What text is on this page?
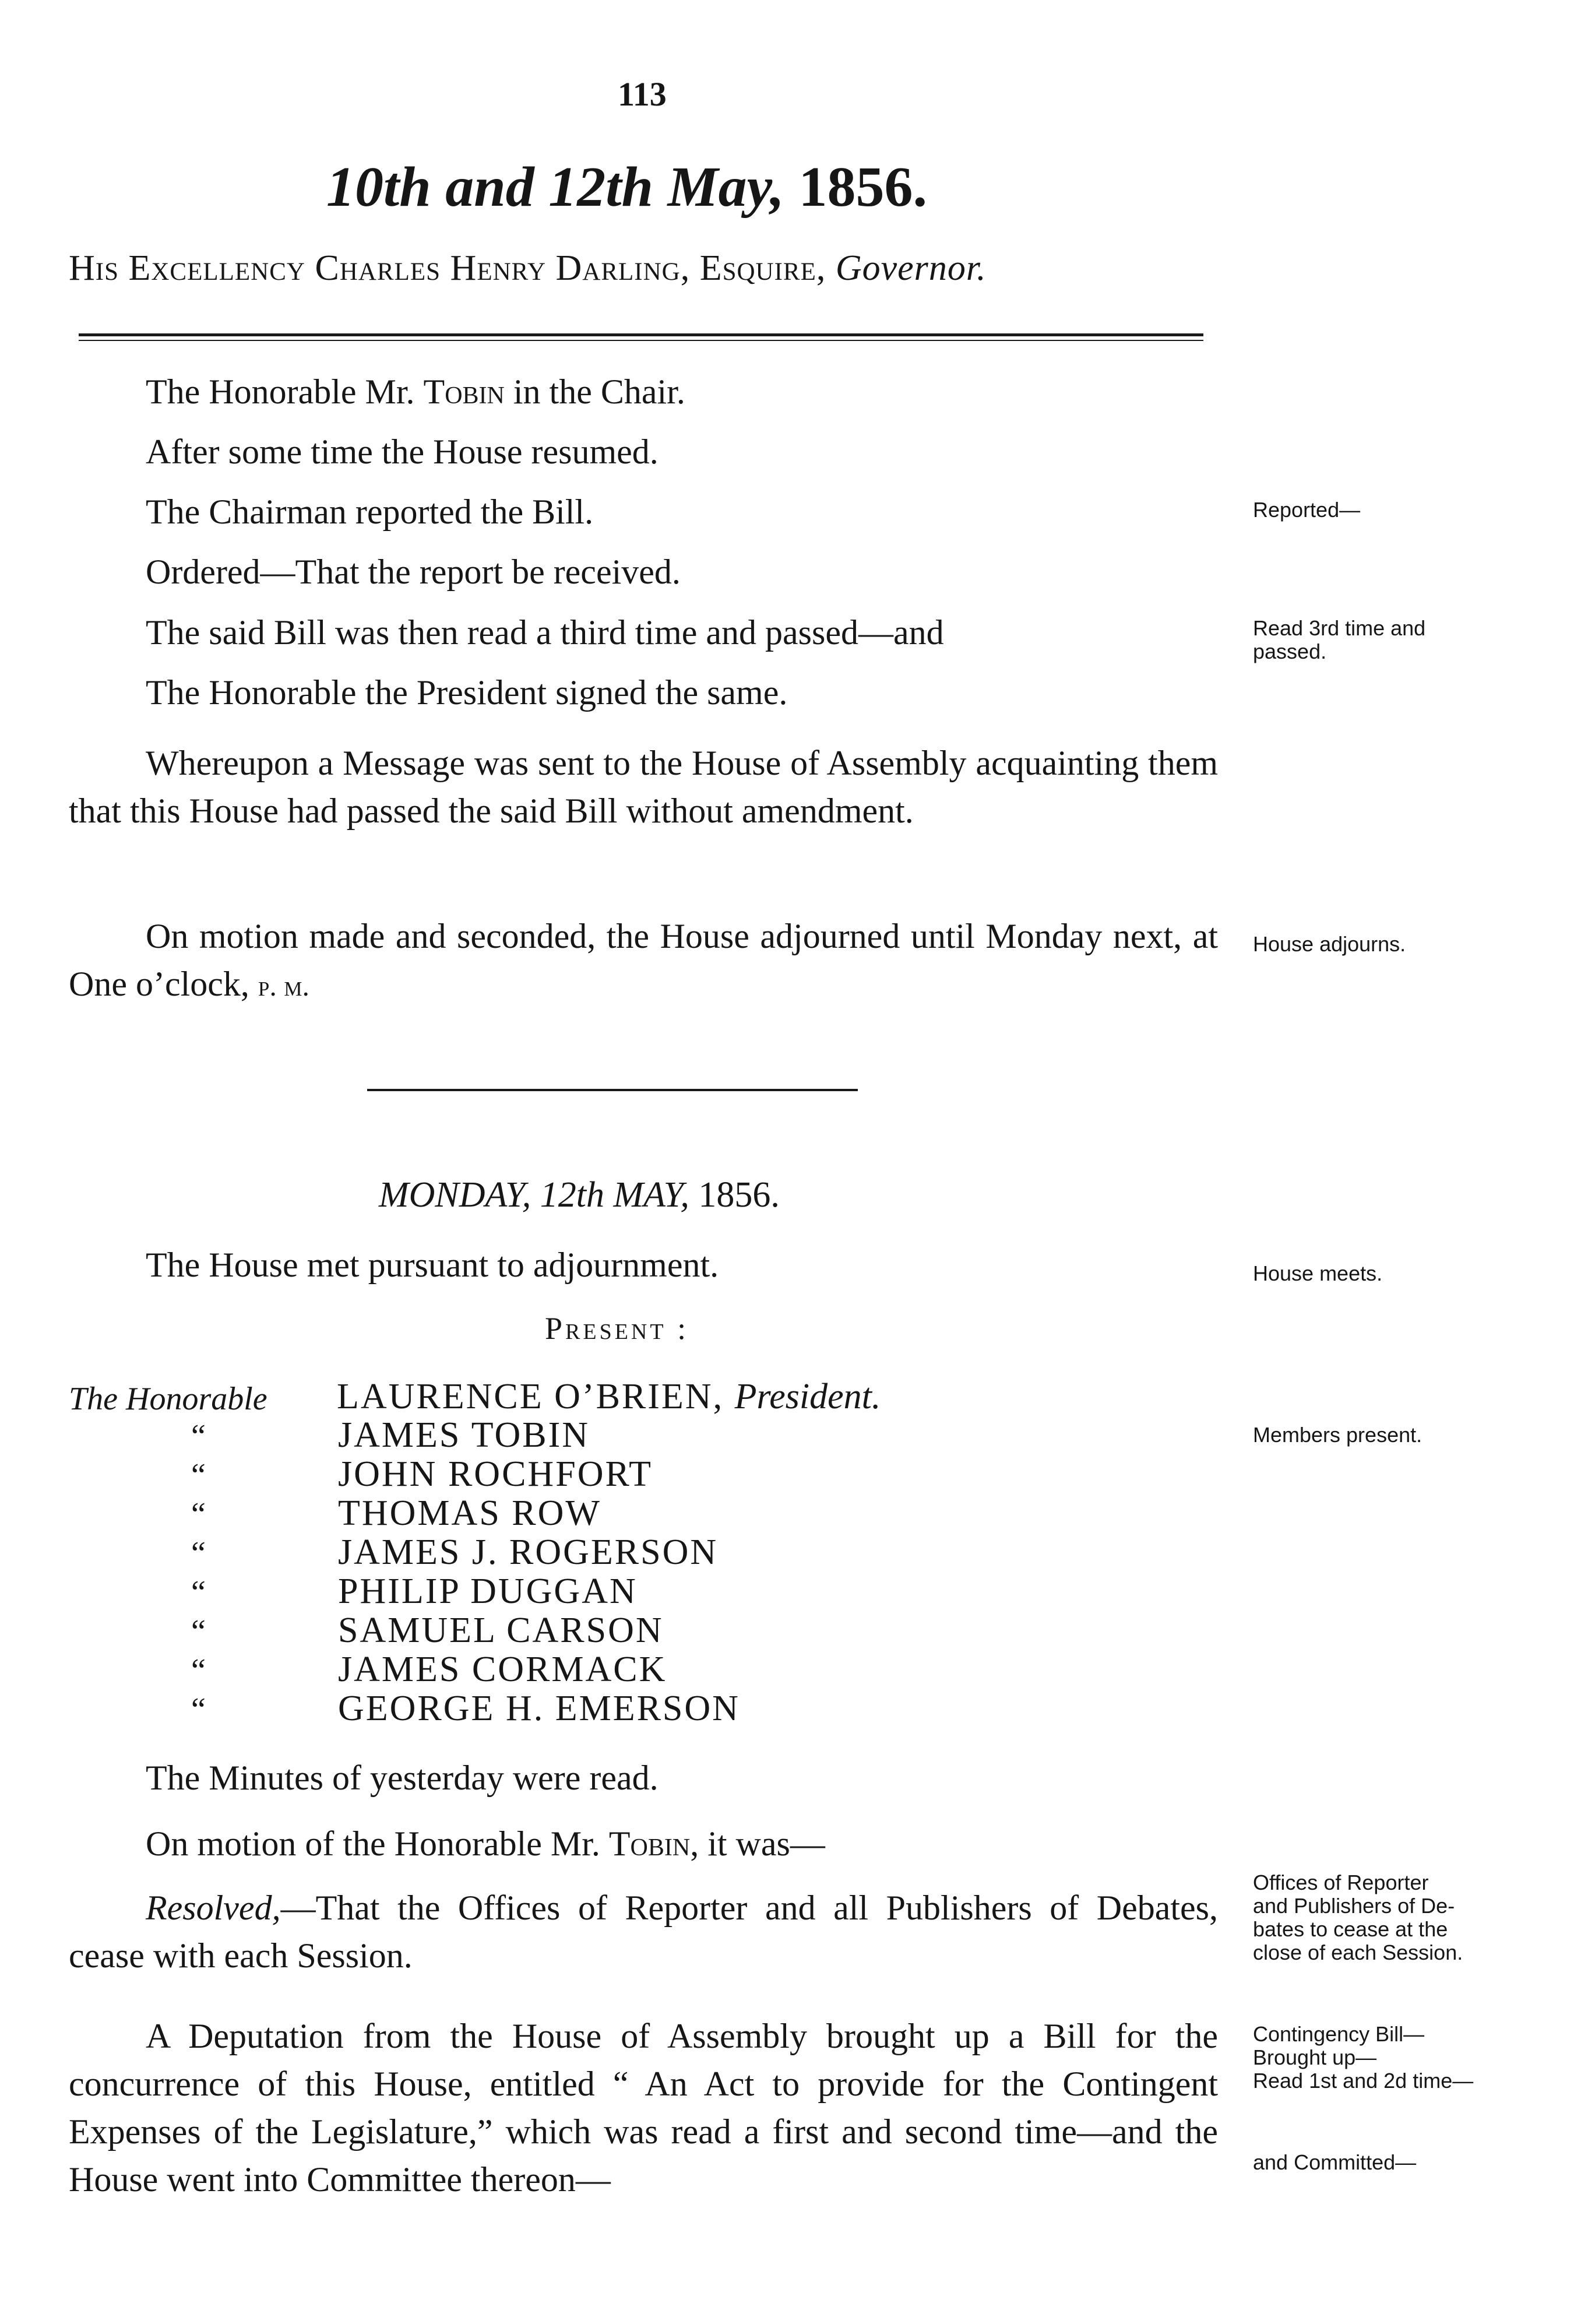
113
10th and 12th May, 1856.
His Excellency Charles Henry Darling, Esquire, Governor.
The Honorable Mr. Tobin in the Chair.
After some time the House resumed.
The Chairman reported the Bill.
Ordered—That the report be received.
The said Bill was then read a third time and passed—and
The Honorable the President signed the same.
Whereupon a Message was sent to the House of Assembly acquainting them that this House had passed the said Bill without amendment.
On motion made and seconded, the House adjourned until Monday next, at One o’clock, p. m.
MONDAY, 12th MAY, 1856.
The House met pursuant to adjournment.
Present :
The Honorable LAURENCE O’BRIEN, President.
“	JAMES TOBIN
“	JOHN ROCHFORT
“	THOMAS ROW
“	JAMES J. ROGERSON
“	PHILIP DUGGAN
“	SAMUEL CARSON
“	JAMES CORMACK
“	GEORGE H. EMERSON
The Minutes of yesterday were read.
On motion of the Honorable Mr. Tobin, it was—
Resolved,—That the Offices of Reporter and all Publishers of Debates, cease with each Session.
A Deputation from the House of Assembly brought up a Bill for the concurrence of this House, entitled “ An Act to provide for the Contingent Expenses of the Legislature,” which was read a first and second time—and the House went into Committee thereon—
Reported—
Read 3rd time and
passed.
House adjourns.
House meets.
Members present.
Offices of Reporter
and Publishers of De-
bates to cease at the
close of each Session.
Contingency Bill—
Brought up—
Read 1st and 2d time—
and Committed—
